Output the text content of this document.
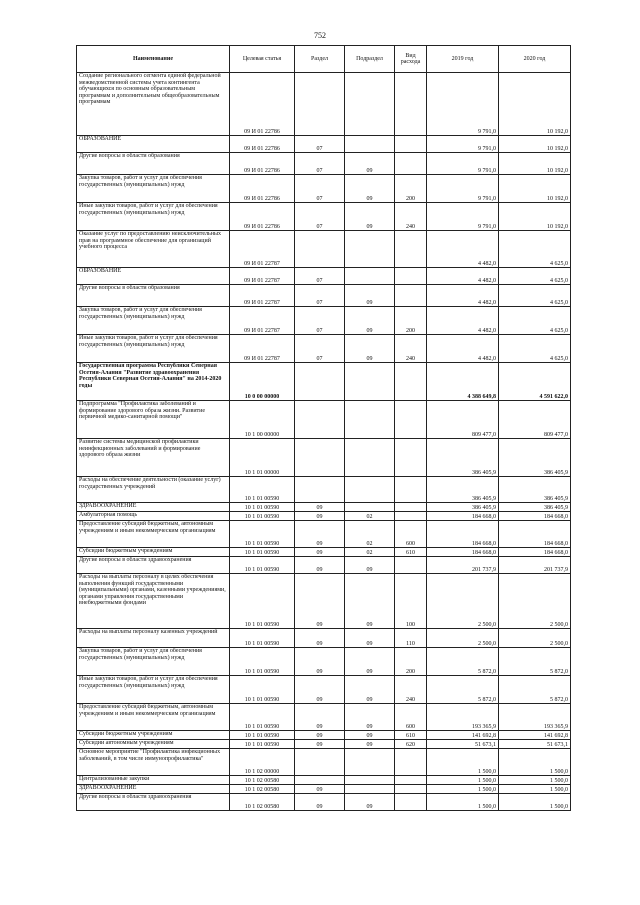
752
Наименование	Целевая статья	Раздел	Подраздел	Вид расхода	2019 год	2020 год
Создание регионального сегмента единой федеральной межведомственной системы учета контингента обучающихся по основным образовательным программам и дополнительным общеобразовательным программам	09 И 01 22786				9 791,0	10 192,0
ОБРАЗОВАНИЕ	09 И 01 22786	07			9 791,0	10 192,0
Другие вопросы в области образования	09 И 01 22786	07	09		9 791,0	10 192,0
Закупка товаров, работ и услуг для обеспечения государственных (муниципальных) нужд	09 И 01 22786	07	09	200	9 791,0	10 192,0
Иные закупки товаров, работ и услуг для обеспечения государственных (муниципальных) нужд	09 И 01 22786	07	09	240	9 791,0	10 192,0
Оказание услуг по предоставлению неисключительных прав на программное обеспечение для организаций учебного процесса	09 И 01 22787				4 482,0	4 625,0
ОБРАЗОВАНИЕ	09 И 01 22787	07			4 482,0	4 625,0
Другие вопросы в области образования	09 И 01 22787	07	09		4 482,0	4 625,0
Закупка товаров, работ и услуг для обеспечения государственных (муниципальных) нужд	09 И 01 22787	07	09	200	4 482,0	4 625,0
Иные закупки товаров, работ и услуг для обеспечения государственных (муниципальных) нужд	09 И 01 22787	07	09	240	4 482,0	4 625,0
Государственная программа Республики Северная Осетия-Алания "Развитие здравоохранения Республики Северная Осетия-Алания" на 2014-2020 годы	10 0 00 00000				4 388 649,8	4 591 622,0
Подпрограмма "Профилактика заболеваний и формирование здорового образа жизни. Развитие первичной медико-санитарной помощи"	10 1 00 00000				809 477,0	809 477,0
Развитие системы медицинской профилактики неинфекционных заболеваний и формирование здорового образа жизни	10 1 01 00000				386 405,9	386 405,9
Расходы на обеспечение деятельности (оказание услуг) государственных учреждений	10 1 01 00590				386 405,9	386 405,9
ЗДРАВООХРАНЕНИЕ	10 1 01 00590	09			386 405,9	386 405,9
Амбулаторная помощь	10 1 01 00590	09	02		184 668,0	184 668,0
Предоставление субсидий бюджетным, автономным учреждениям и иным некоммерческим организациям	10 1 01 00590	09	02	600	184 668,0	184 668,0
Субсидии бюджетным учреждениям	10 1 01 00590	09	02	610	184 668,0	184 668,0
Другие вопросы в области здравоохранения	10 1 01 00590	09	09		201 737,9	201 737,9
Расходы на выплаты персоналу в целях обеспечения выполнения функций государственными (муниципальными) органами, казенными учреждениями, органами управления государственными внебюджетными фондами	10 1 01 00590	09	09	100	2 500,0	2 500,0
Расходы на выплаты персоналу казенных учреждений	10 1 01 00590	09	09	110	2 500,0	2 500,0
Закупка товаров, работ и услуг для обеспечения государственных (муниципальных) нужд	10 1 01 00590	09	09	200	5 872,0	5 872,0
Иные закупки товаров, работ и услуг для обеспечения государственных (муниципальных) нужд	10 1 01 00590	09	09	240	5 872,0	5 872,0
Предоставление субсидий бюджетным, автономным учреждениям и иным некоммерческим организациям	10 1 01 00590	09	09	600	193 365,9	193 365,9
Субсидии бюджетным учреждениям	10 1 01 00590	09	09	610	141 692,8	141 692,8
Субсидии автономным учреждениям	10 1 01 00590	09	09	620	51 673,1	51 673,1
Основное мероприятие "Профилактика инфекционных заболеваний, в том числе иммунопрофилактика"	10 1 02 00000				1 500,0	1 500,0
Централизованные закупки	10 1 02 00580				1 500,0	1 500,0
ЗДРАВООХРАНЕНИЕ	10 1 02 00580	09			1 500,0	1 500,0
Другие вопросы в области здравоохранения	10 1 02 00580	09	09		1 500,0	1 500,0
